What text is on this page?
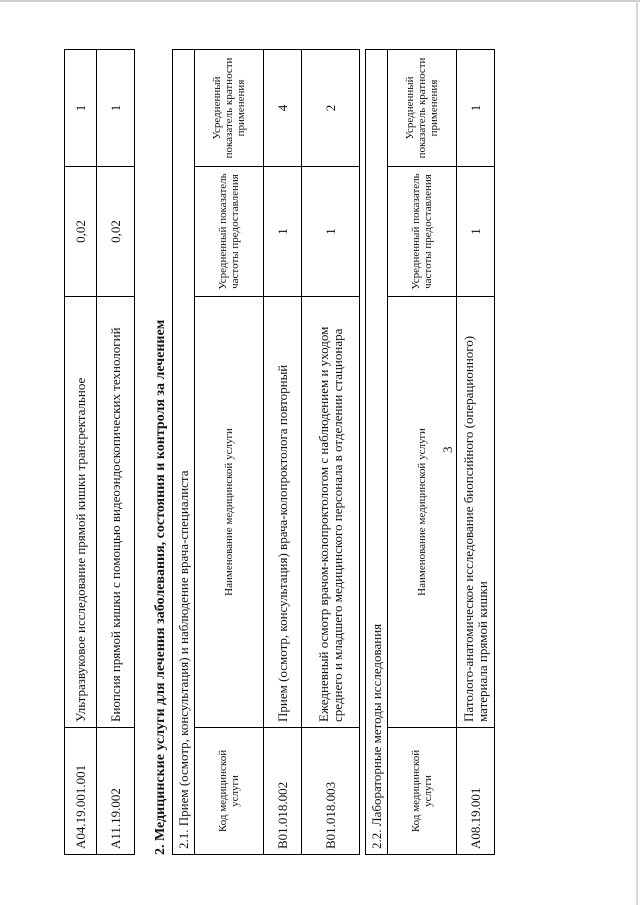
3
A04.19.001.001	Ультразвуковое исследование прямой кишки трансректальное	0,02	1
A11.19.002	Биопсия прямой кишки с помощью видеоэндоскопических технологий	0,02	1
2. Медицинские услуги для лечения заболевания, состояния и контроля за лечением 2.1. Прием (осмотр, консультация) и наблюдение врача-специалиста			
Код медицинской услуги	Наименование медицинской услуги	Усредненный показатель частоты предоставления	Усредненный показатель кратности применения
B01.018.002	Прием (осмотр, консультация) врача-колопроктолога повторный	1	4
B01.018.003	Ежедневный осмотр врачом-колопроктологом с наблюдением и уходом среднего и младшего медицинского персонала в отделении стационара	1	2
2.2. Лабораторные методы исследования			
Код медицинской услуги	Наименование медицинской услуги	Усредненный показатель частоты предоставления	Усредненный показатель кратности применения
A08.19.001	Патолого-анатомическое исследование биопсийного (операционного) материала прямой кишки	1	1
